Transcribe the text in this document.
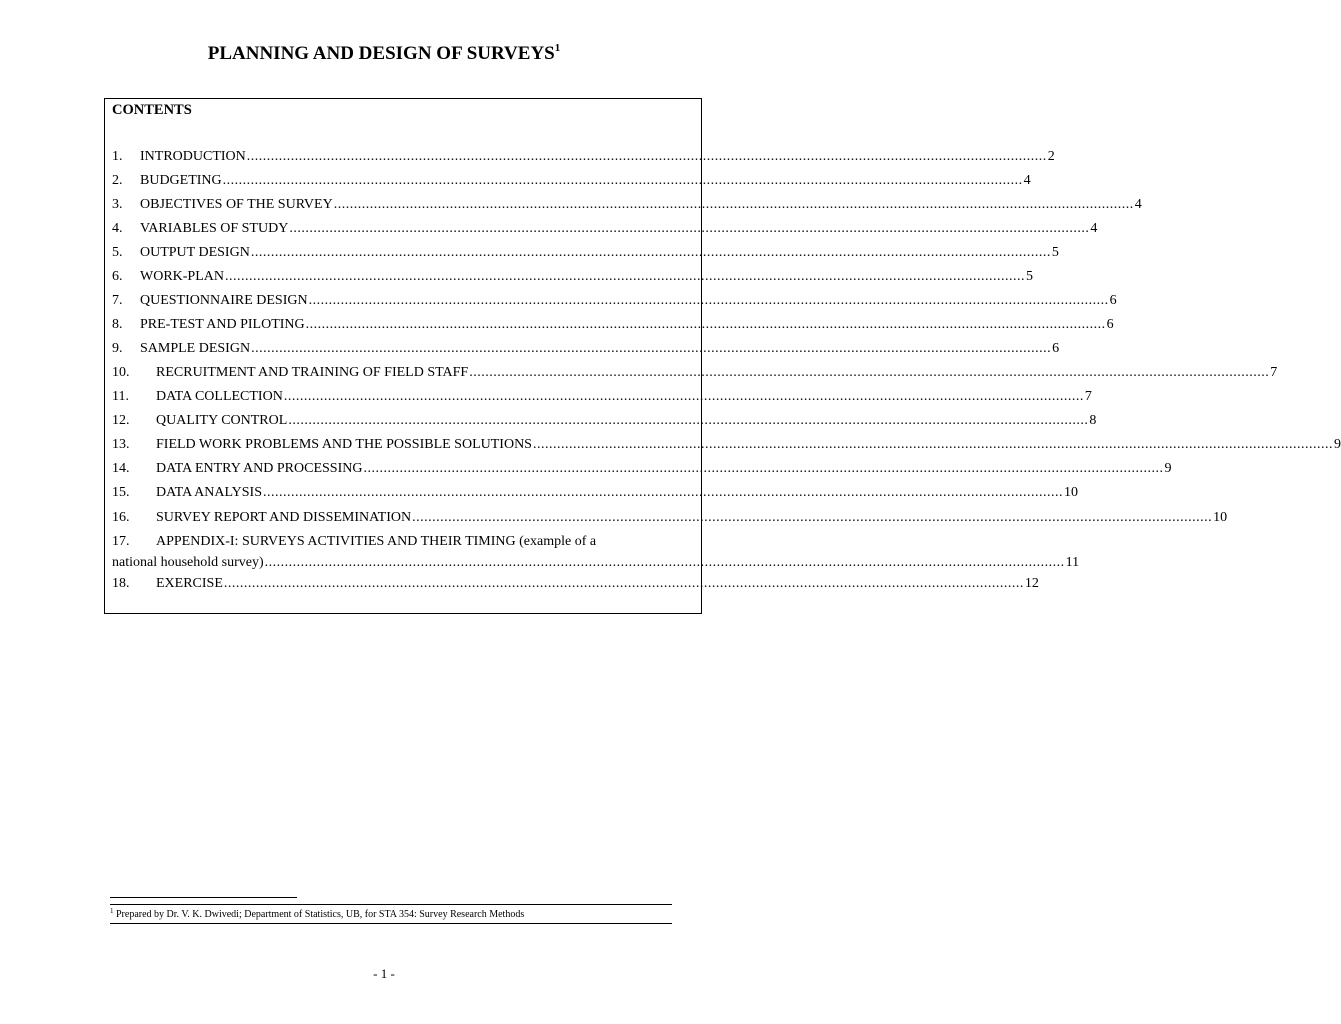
PLANNING AND DESIGN OF SURVEYS$^1$
CONTENTS
1.	INTRODUCTION ........................................................................................................................................................................................................ 2
2.	BUDGETING ........................................................................................................................................................................................................ 4
3.	OBJECTIVES OF THE SURVEY ........................................................................................................................................................................................................ 4
4.	VARIABLES OF STUDY ........................................................................................................................................................................................................ 4
5.	OUTPUT DESIGN ........................................................................................................................................................................................................ 5
6.	WORK-PLAN ........................................................................................................................................................................................................ 5
7.	QUESTIONNAIRE DESIGN ........................................................................................................................................................................................................ 6
8.	PRE-TEST AND PILOTING ........................................................................................................................................................................................................ 6
9.	SAMPLE DESIGN ........................................................................................................................................................................................................ 6
10.	RECRUITMENT AND TRAINING OF FIELD STAFF ........................................................................................................................................................................................................ 7
11.	DATA COLLECTION ........................................................................................................................................................................................................ 7
12.	QUALITY CONTROL ........................................................................................................................................................................................................ 8
13.	FIELD WORK PROBLEMS AND THE POSSIBLE SOLUTIONS ........................................................................................................................................................................................................ 9
14.	DATA ENTRY AND PROCESSING ........................................................................................................................................................................................................ 9
15.	DATA ANALYSIS ........................................................................................................................................................................................................ 10
16.	SURVEY REPORT AND DISSEMINATION ........................................................................................................................................................................................................ 10
17.	APPENDIX-I: SURVEYS ACTIVITIES AND THEIR TIMING (example of a
national household survey) ........................................................................................................................................................................................................ 11
18.	EXERCISE ........................................................................................................................................................................................................ 12
$^1$ Prepared by Dr. V. K. Dwivedi; Department of Statistics, UB, for STA 354: Survey Research Methods
- 1 -
